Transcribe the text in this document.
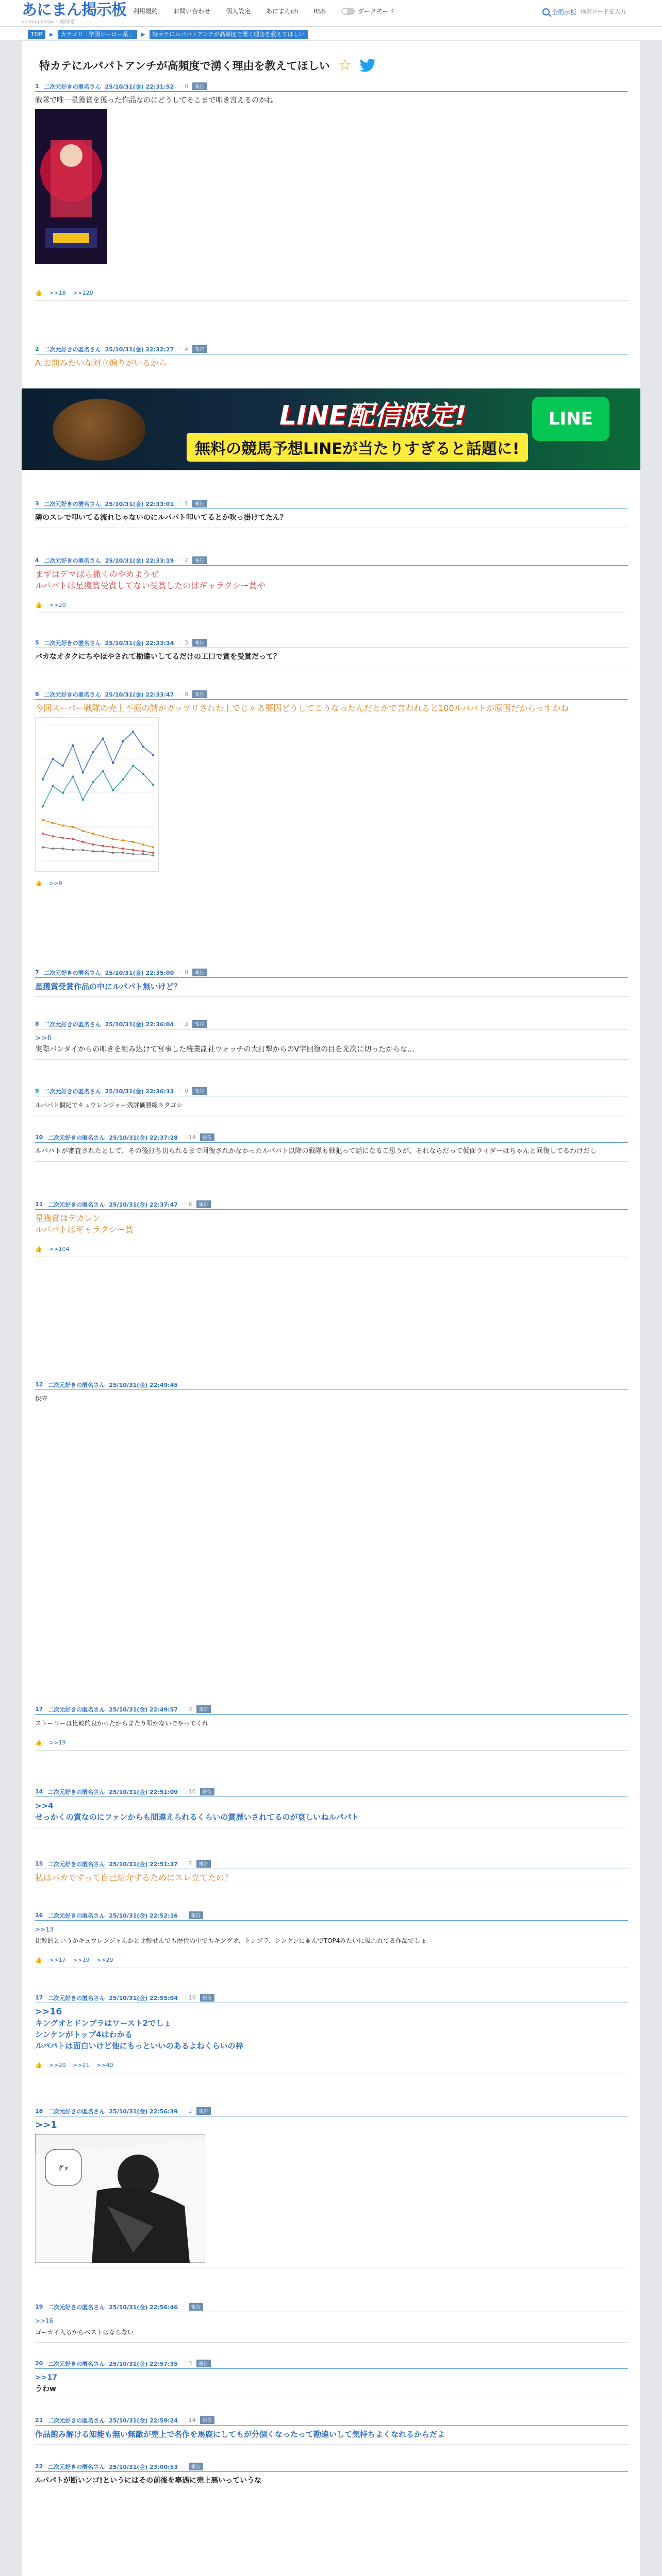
あにまん掲示板
animan bbs(ω・)創作系
利用規約	お問い合わせ	個人設定	あにまんch	RSS	ダークモード	全掲示板
検索ワードを入力
TOP	▶	カテゴリ「学園ヒーロー系」	▶	特カテにルパパトアンチが高頻度で湧く理由を教えてほしい
特カテにルパパトアンチが高頻度で湧く理由を教えてほしい ☆
1 二次元好きの匿名さん 25/10/31(金) 22:31:52 ♡ 0	報告
戦隊で唯一星獲賞を獲った作品なのにどうしてそこまで叩き言えるのかね
👍 >>18 >>120
2 二次元好きの匿名さん 25/10/31(金) 22:32:27 ♡ 4	報告
A.お前みたいな対立煽りがいるから
LINE配信限定!
無料の競馬予想LINEが当たりすぎると話題に!
LINE
3 二次元好きの匿名さん 25/10/31(金) 22:33:01 ♡ 1	報告
隣のスレで叩いてる流れじゃないのにルパパト叩いてるとか吹っ掛けてたん？
4 二次元好きの匿名さん 25/10/31(金) 22:33:19 ♡ 2	報告
まずはデマばら撒くのやめようぜ
ルパパトは星獲賞受賞してない受賞したのはギャラクシー賞や
👍 >>20
5 二次元好きの匿名さん 25/10/31(金) 22:33:34 ♡ 3	報告
バカなオタクにちやほやされて勘違いしてるだけの工口で賞を受賞だって？
6 二次元好きの匿名さん 25/10/31(金) 22:33:47 ♡ 8	報告
今回スーパー戦隊の売上不振の話がガッツリされた上でじゃあ要因どうしてこうなったんだとかで言われると100ルパパトが原因だからっすかね
👍 >>9
7 二次元好きの匿名さん 25/10/31(金) 22:35:00 ♡ 0	報告
星獲賞受賞作品の中にルパパト無いけど？
8 二次元好きの匿名さん 25/10/31(金) 22:36:04 ♡ 3	報告
>>6
実際バンダイからの叩きを組み込けて宮事した統業副社ウォッチの大打撃からのV字回復の目を光次に切ったからな...
9 二次元好きの匿名さん 25/10/31(金) 22:36:33 ♡ 0	報告
ルパパト個紀でキュウレンジャー残評価勝線ネタゴシ
10 二次元好きの匿名さん 25/10/31(金) 22:37:28 ♡ 14	報告
ルパパトが審査されたとして、その後打ち切られるまで回復されかなかったルパパト以降の戦隊も戦犯って話になるご思うが、それならだって仮面ライダーはちゃんと回復してるわけだし
11 二次元好きの匿名さん 25/10/31(金) 22:37:47 ♡ 6	報告
星獲賞はデカレン
ルパパトはギャラクシー賞
👍 >>104
12 二次元好きの匿名さん 25/10/31(金) 22:49:45 ♡
保守
17 二次元好きの匿名さん 25/10/31(金) 22:49:57 ♡ 3	報告
ストーリーは比較的良かったからまたり叩かないでやってくれ
👍 >>19
14 二次元好きの匿名さん 25/10/31(金) 22:51:09 ♡ 10	報告
>>4
せっかくの賞なのにファンからも間違えられるくらいの賞歴いされてるのが哀しいねルパパト
15 二次元好きの匿名さん 25/10/31(金) 22:51:37 ♡ 7	報告
私はバカですって自己紹介するためにスレ立てたの？
16 二次元好きの匿名さん 25/10/31(金) 22:52:16 ♡ 報告
>>13
比較的というかキュウレンジャんかと比較せんでも歴代の中でもキングオ、トンブラ、シンケンに並んでTOP4みたいに扱われてる作品でしょ
👍 >>17 >>19 >>29
17 二次元好きの匿名さん 25/10/31(金) 22:55:04 ♡ 16	報告
>>16
キングオとドンブラはワースト2でしょ
シンケンがトップ4はわかる
ルパパトは面白いけど他にもっといいのあるよねくらいの枠
👍 >>20 >>21 >>40
18 二次元好きの匿名さん 25/10/31(金) 22:56:39 ♡ 2	報告
>>1
ｸﾞｯ
19 二次元好きの匿名さん 25/10/31(金) 22:56:46 ♡ 報告
>>16
ゴーカイ入るからベストはならない
20 二次元好きの匿名さん 25/10/31(金) 22:57:35 ♡ 3	報告
>>17
うわw
21 二次元好きの匿名さん 25/10/31(金) 22:59:24 ♡ 14	報告
作品飽み解ける知能も無い無敵が売上で名作を馬鹿にしてもが分個くなったって勘違いして気持ちよくなれるからだよ
22 二次元好きの匿名さん 25/10/31(金) 23:00:53 ♡ 報告
ルパパトが断いンゴ!というにはその前後を寧遇に売上悪いっていうな
